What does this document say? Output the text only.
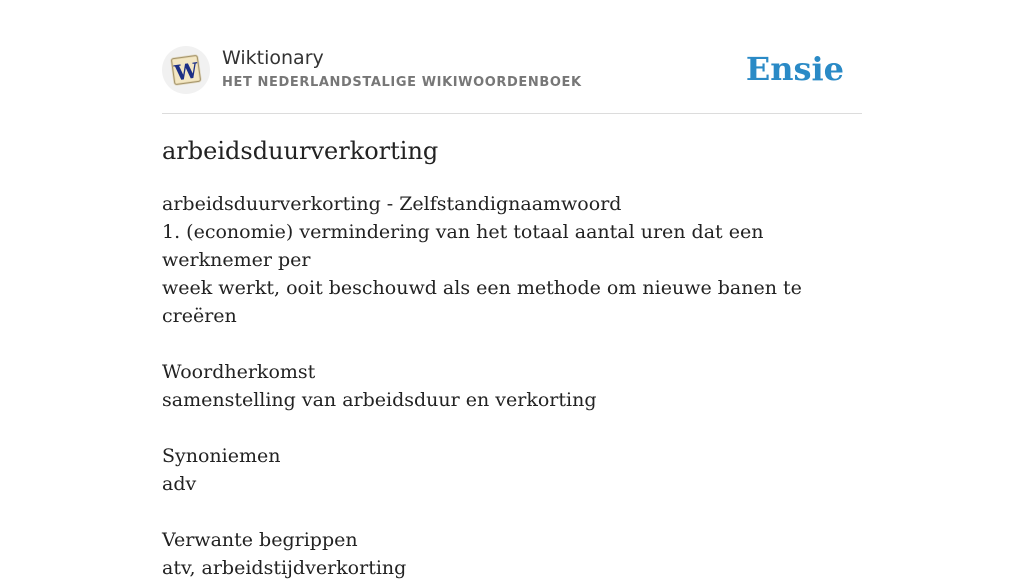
W Wiktionary
HET NEDERLANDSTALIGE WIKIWOORDENBOEK	Ensie
arbeidsduurverkorting

arbeidsduurverkorting - Zelfstandignaamwoord

1. (economie) vermindering van het totaal aantal uren dat een werknemer per

week werkt, ooit beschouwd als een methode om nieuwe banen te creëren

Woordherkomst

samenstelling van arbeidsduur en verkorting

Synoniemen

adv

Verwante begrippen

atv, arbeidstijdverkorting
